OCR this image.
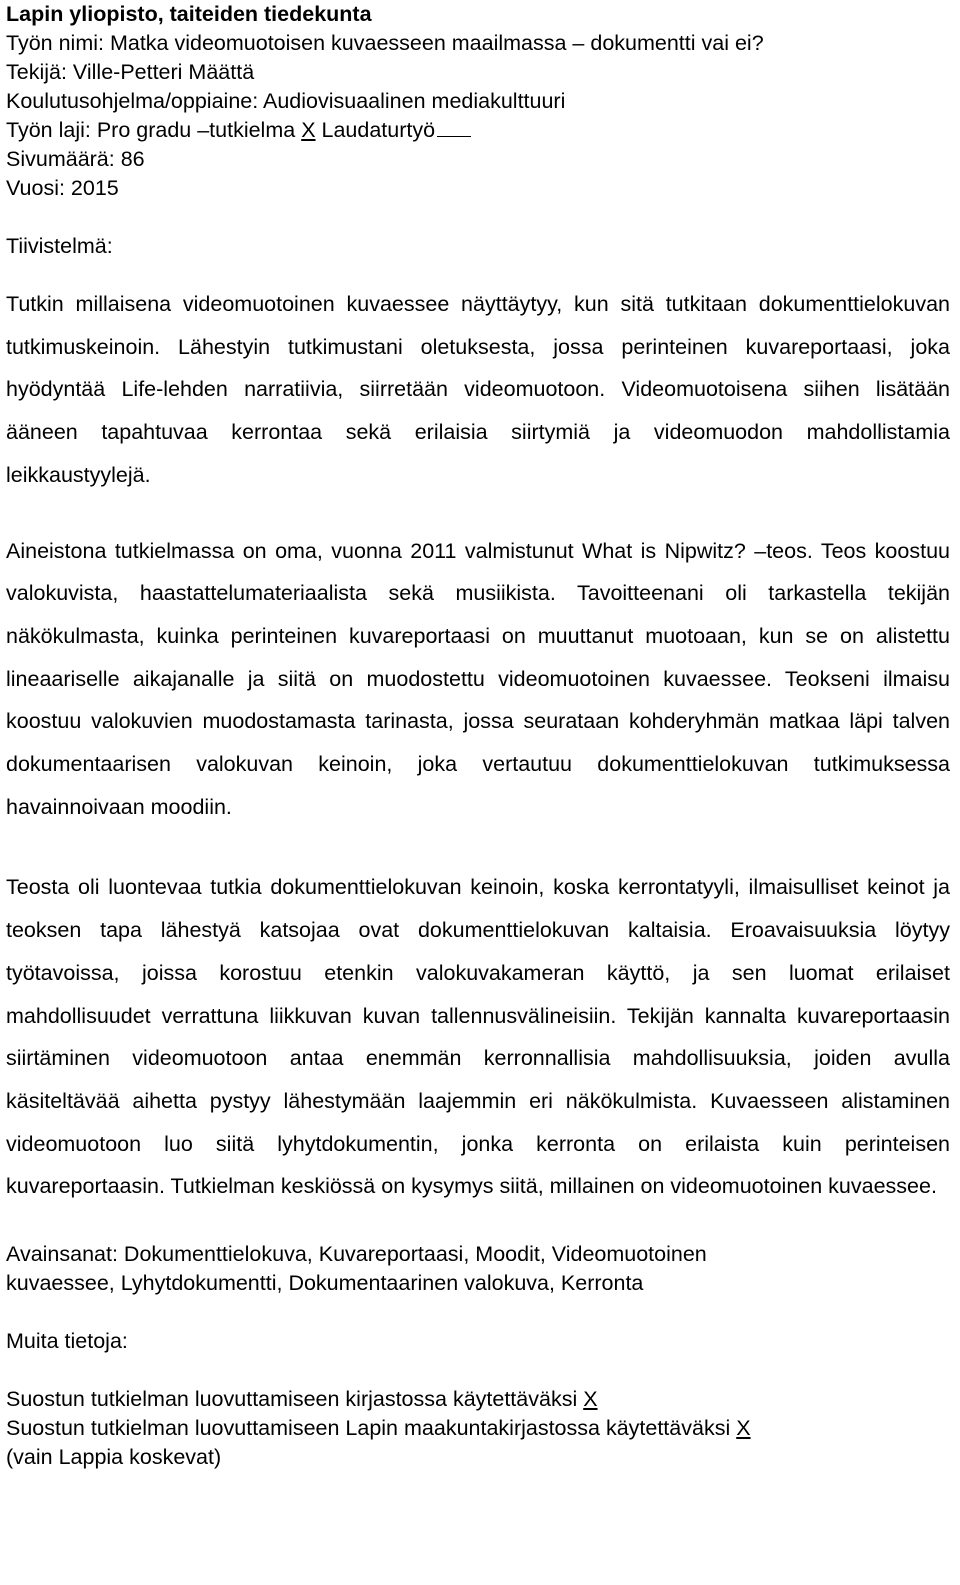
Lapin yliopisto, taiteiden tiedekunta
Työn nimi: Matka videomuotoisen kuvaesseen maailmassa – dokumentti vai ei?
Tekijä: Ville-Petteri Määttä
Koulutusohjelma/oppiaine: Audiovisuaalinen mediakulttuuri
Työn laji: Pro gradu –tutkielma X Laudaturtyö
Sivumäärä: 86
Vuosi: 2015
Tiivistelmä:
Tutkin millaisena videomuotoinen kuvaessee näyttäytyy, kun sitä tutkitaan dokumenttielokuvan tutkimuskeinoin. Lähestyin tutkimustani oletuksesta, jossa perinteinen kuvareportaasi, joka hyödyntää Life-lehden narratiivia, siirretään videomuotoon. Videomuotoisena siihen lisätään ääneen tapahtuvaa kerrontaa sekä erilaisia siirtymiä ja videomuodon mahdollistamia leikkaustyylejä.
Aineistona tutkielmassa on oma, vuonna 2011 valmistunut What is Nipwitz? –teos. Teos koostuu valokuvista, haastattelumateriaalista sekä musiikista. Tavoitteenani oli tarkastella tekijän näkökulmasta, kuinka perinteinen kuvareportaasi on muuttanut muotoaan, kun se on alistettu lineaariselle aikajanalle ja siitä on muodostettu videomuotoinen kuvaessee. Teokseni ilmaisu koostuu valokuvien muodostamasta tarinasta, jossa seurataan kohderyhmän matkaa läpi talven dokumentaarisen valokuvan keinoin, joka vertautuu dokumenttielokuvan tutkimuksessa havainnoivaan moodiin.
Teosta oli luontevaa tutkia dokumenttielokuvan keinoin, koska kerrontatyyli, ilmaisulliset keinot ja teoksen tapa lähestyä katsojaa ovat dokumenttielokuvan kaltaisia. Eroavaisuuksia löytyy työtavoissa, joissa korostuu etenkin valokuvakameran käyttö, ja sen luomat erilaiset mahdollisuudet verrattuna liikkuvan kuvan tallennusvälineisiin. Tekijän kannalta kuvareportaasin siirtäminen videomuotoon antaa enemmän kerronnallisia mahdollisuuksia, joiden avulla käsiteltävää aihetta pystyy lähestymään laajemmin eri näkökulmista. Kuvaesseen alistaminen videomuotoon luo siitä lyhytdokumentin, jonka kerronta on erilaista kuin perinteisen kuvareportaasin. Tutkielman keskiössä on kysymys siitä, millainen on videomuotoinen kuvaessee.
Avainsanat: Dokumenttielokuva, Kuvareportaasi, Moodit, Videomuotoinen
kuvaessee, Lyhytdokumentti, Dokumentaarinen valokuva, Kerronta
Muita tietoja:
Suostun tutkielman luovuttamiseen kirjastossa käytettäväksi X
Suostun tutkielman luovuttamiseen Lapin maakuntakirjastossa käytettäväksi X
(vain Lappia koskevat)
